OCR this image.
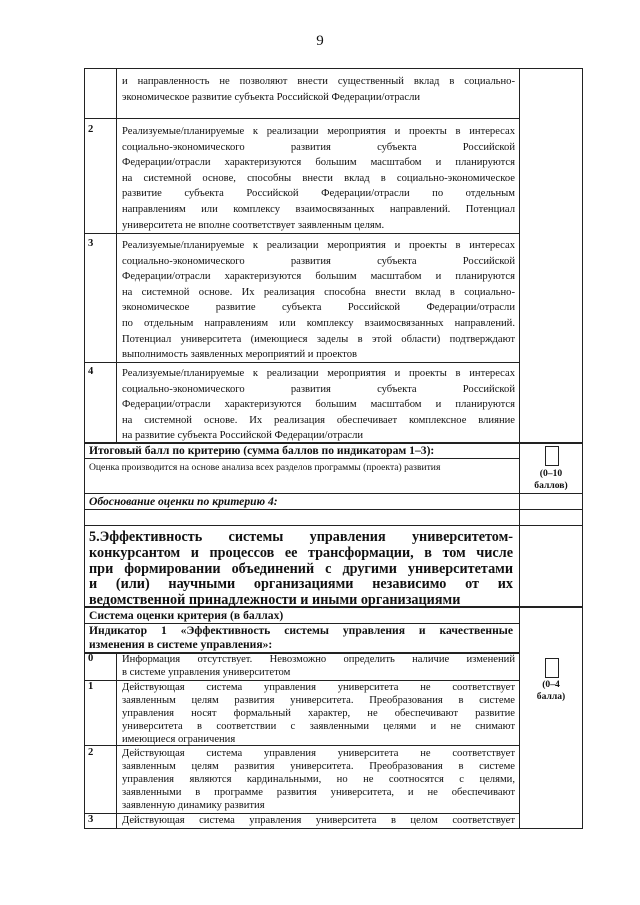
9
и направленность не позволяют внести существенный вклад в социально-
экономическое развитие субъекта Российской Федерации/отрасли
2	Реализуемые/планируемые к реализации мероприятия и проекты в интересах
социально-экономического развития субъекта Российской
Федерации/отрасли характеризуются большим масштабом и планируются
на системной основе, способны внести вклад в социально-экономическое
развитие субъекта Российской Федерации/отрасли по отдельным
направлениям или комплексу взаимосвязанных направлений. Потенциал
университета не вполне соответствует заявленным целям.
3	Реализуемые/планируемые к реализации мероприятия и проекты в интересах
социально-экономического развития субъекта Российской
Федерации/отрасли характеризуются большим масштабом и планируются
на системной основе. Их реализация способна внести вклад в социально-
экономическое развитие субъекта Российской Федерации/отрасли
по отдельным направлениям или комплексу взаимосвязанных направлений.
Потенциал университета (имеющиеся заделы в этой области) подтверждают
выполнимость заявленных мероприятий и проектов
4	Реализуемые/планируемые к реализации мероприятия и проекты в интересах
социально-экономического развития субъекта Российской
Федерации/отрасли характеризуются большим масштабом и планируются
на системной основе. Их реализация обеспечивает комплексное влияние
на развитие субъекта Российской Федерации/отрасли
Итоговый балл по критерию (сумма баллов по индикаторам 1–3):
Оценка производится на основе анализа всех разделов программы (проекта) развития
(0–10
баллов)
Обоснование оценки по критерию 4:
5.Эффективность системы управления университетом-
конкурсантом и процессов ее трансформации, в том числе
при формировании объединений с другими университетами
и (или) научными организациями независимо от их
ведомственной принадлежности и иными организациями
Система оценки критерия (в баллах)
Индикатор 1 «Эффективность системы управления и качественные
изменения в системе управления»:
(0–4
балла)
0	Информация отсутствует. Невозможно определить наличие изменений
в системе управления университетом
1	Действующая система управления университета не соответствует
заявленным целям развития университета. Преобразования в системе
управления носят формальный характер, не обеспечивают развитие
университета в соответствии с заявленными целями и не снимают
имеющиеся ограничения
2	Действующая система управления университета не соответствует
заявленным целям развития университета. Преобразования в системе
управления являются кардинальными, но не соотносятся с целями,
заявленными в программе развития университета, и не обеспечивают
заявленную динамику развития
3	Действующая система управления университета в целом соответствует
